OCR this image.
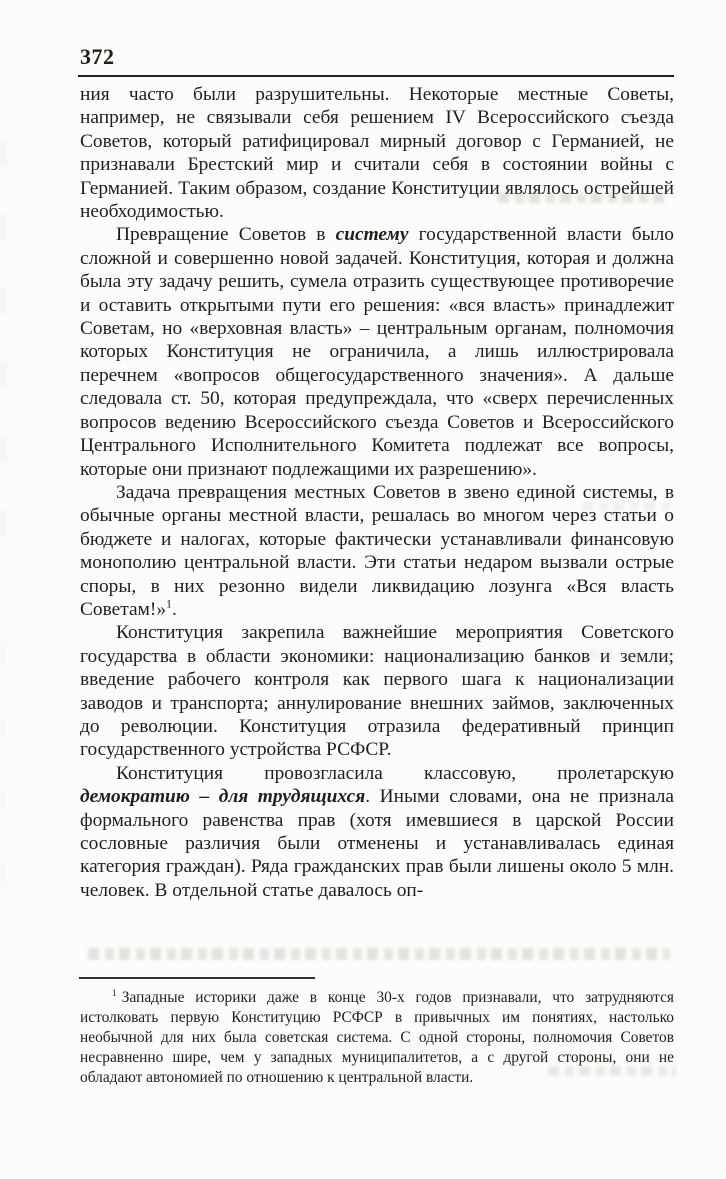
372

ния часто были разрушительны. Некоторые местные Советы, например, не связывали себя решением IV Всероссийского съезда Советов, который ратифицировал мирный договор с Германией, не признавали Брестский мир и считали себя в состоянии войны с Германией. Таким образом, создание Конституции являлось острейшей необходимостью.

Превращение Советов в систему государственной власти было сложной и совершенно новой задачей. Конституция, которая и должна была эту задачу решить, сумела отразить существующее противоречие и оставить открытыми пути его решения: «вся власть» принадлежит Советам, но «верховная власть» – центральным органам, полномочия которых Конституция не ограничила, а лишь иллюстрировала перечнем «вопросов общегосударственного значения». А дальше следовала ст. 50, которая предупреждала, что «сверх перечисленных вопросов ведению Всероссийского съезда Советов и Всероссийского Центрального Исполнительного Комитета подлежат все вопросы, которые они признают подлежащими их разрешению».

Задача превращения местных Советов в звено единой системы, в обычные органы местной власти, решалась во многом через статьи о бюджете и налогах, которые фактически устанавливали финансовую монополию центральной власти. Эти статьи недаром вызвали острые споры, в них резонно видели ликвидацию лозунга «Вся власть Советам!»$^1$.

Конституция закрепила важнейшие мероприятия Советского государства в области экономики: национализацию банков и земли; введение рабочего контроля как первого шага к национализации заводов и транспорта; аннулирование внешних займов, заключенных до революции. Конституция отразила федеративный принцип государственного устройства РСФСР.

Конституция провозгласила классовую, пролетарскую демократию – для трудящихся. Иными словами, она не признала формального равенства прав (хотя имевшиеся в царской России сословные различия были отменены и устанавливалась единая категория граждан). Ряда гражданских прав были лишены около 5 млн. человек. В отдельной статье давалось оп-

$^1$ Западные историки даже в конце 30-х годов признавали, что затрудняются истолковать первую Конституцию РСФСР в привычных им понятиях, настолько необычной для них была советская система. С одной стороны, полномочия Советов несравненно шире, чем у западных муниципалитетов, а с другой стороны, они не обладают автономией по отношению к центральной власти.
